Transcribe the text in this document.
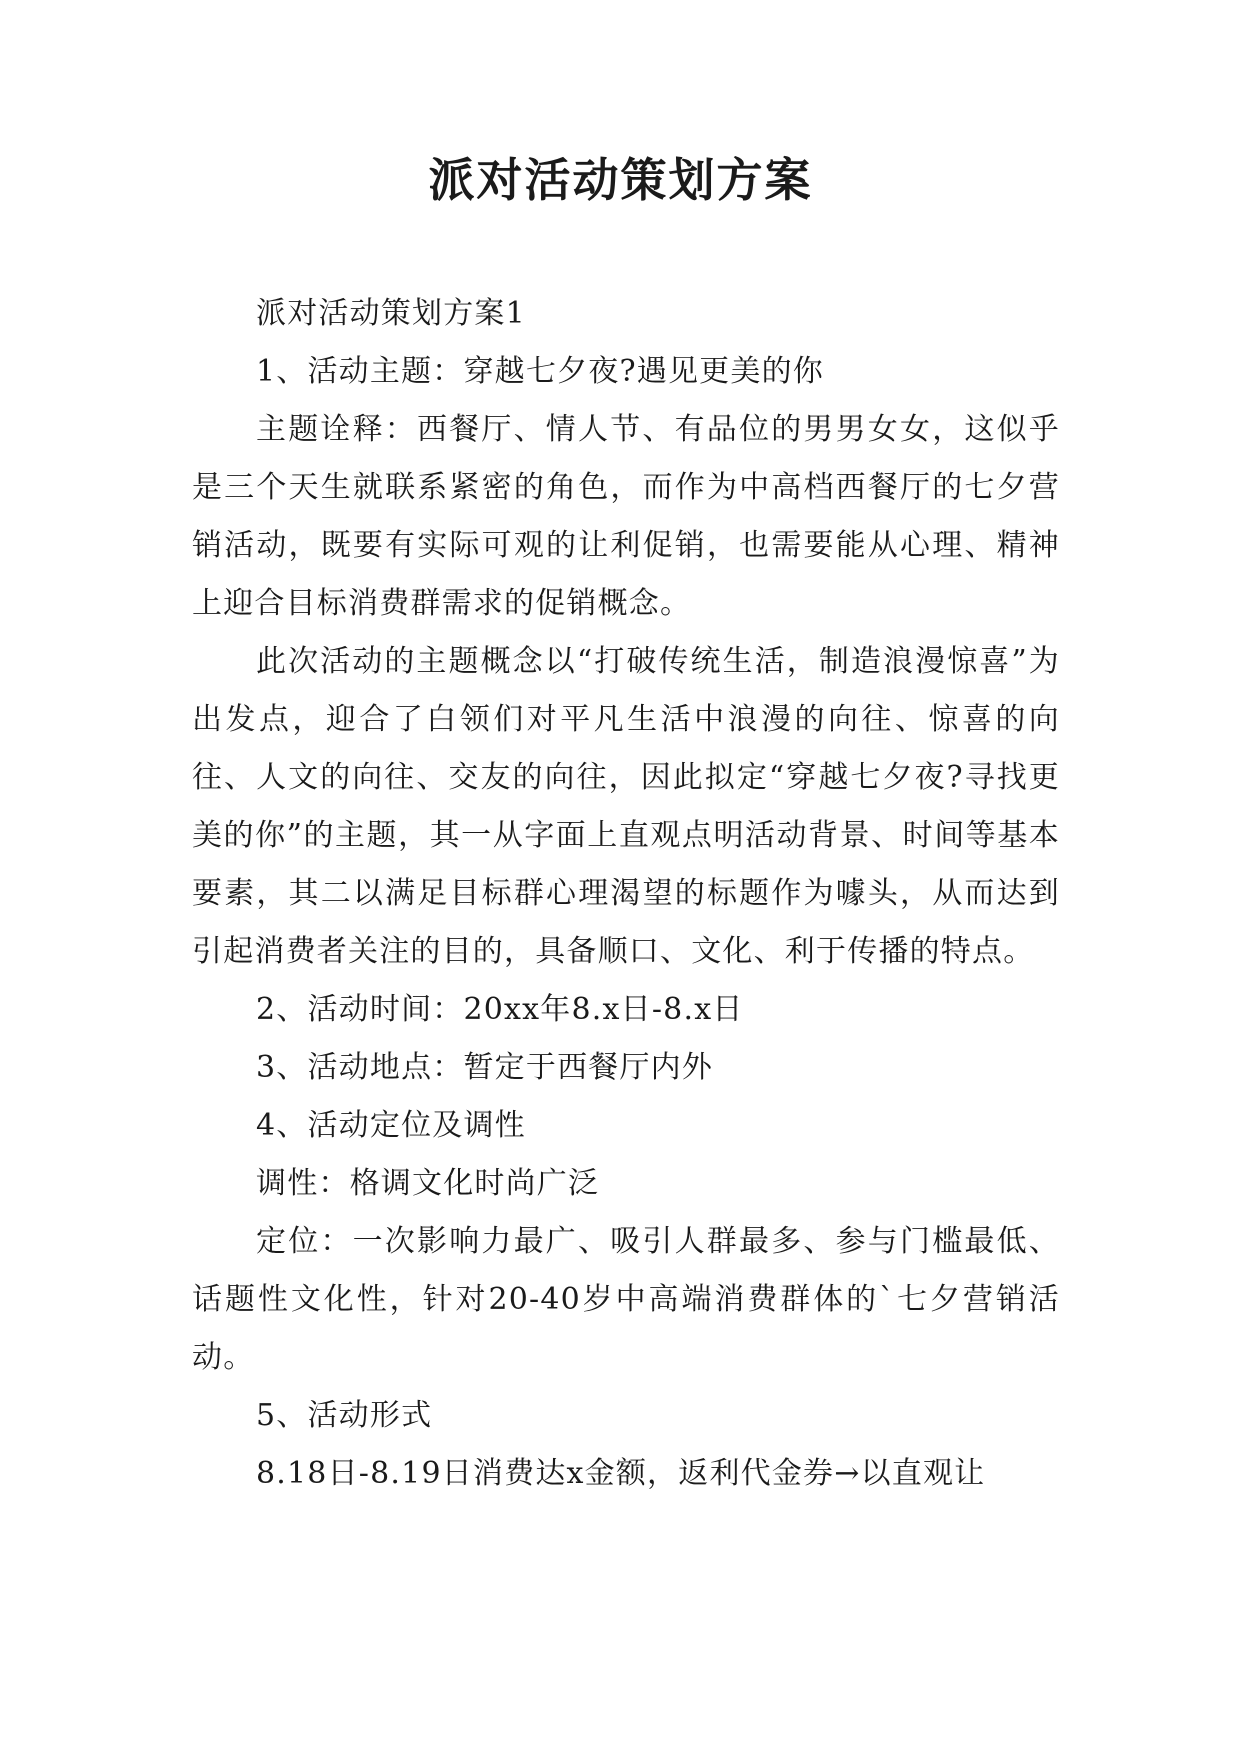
派对活动策划方案

派对活动策划方案1

1、活动主题：穿越七夕夜?遇见更美的你

主题诠释：西餐厅、情人节、有品位的男男女女，这似乎是三个天生就联系紧密的角色，而作为中高档西餐厅的七夕营销活动，既要有实际可观的让利促销，也需要能从心理、精神上迎合目标消费群需求的促销概念。

此次活动的主题概念以“打破传统生活，制造浪漫惊喜”为出发点，迎合了白领们对平凡生活中浪漫的向往、惊喜的向往、人文的向往、交友的向往，因此拟定“穿越七夕夜?寻找更美的你”的主题，其一从字面上直观点明活动背景、时间等基本要素，其二以满足目标群心理渴望的标题作为噱头，从而达到引起消费者关注的目的，具备顺口、文化、利于传播的特点。

2、活动时间：20xx年8.x日-8.x日

3、活动地点：暂定于西餐厅内外

4、活动定位及调性

调性：格调文化时尚广泛

定位：一次影响力最广、吸引人群最多、参与门槛最低、话题性文化性，针对20-40岁中高端消费群体的`七夕营销活动。

5、活动形式

8.18日-8.19日消费达x金额，返利代金券→以直观让
